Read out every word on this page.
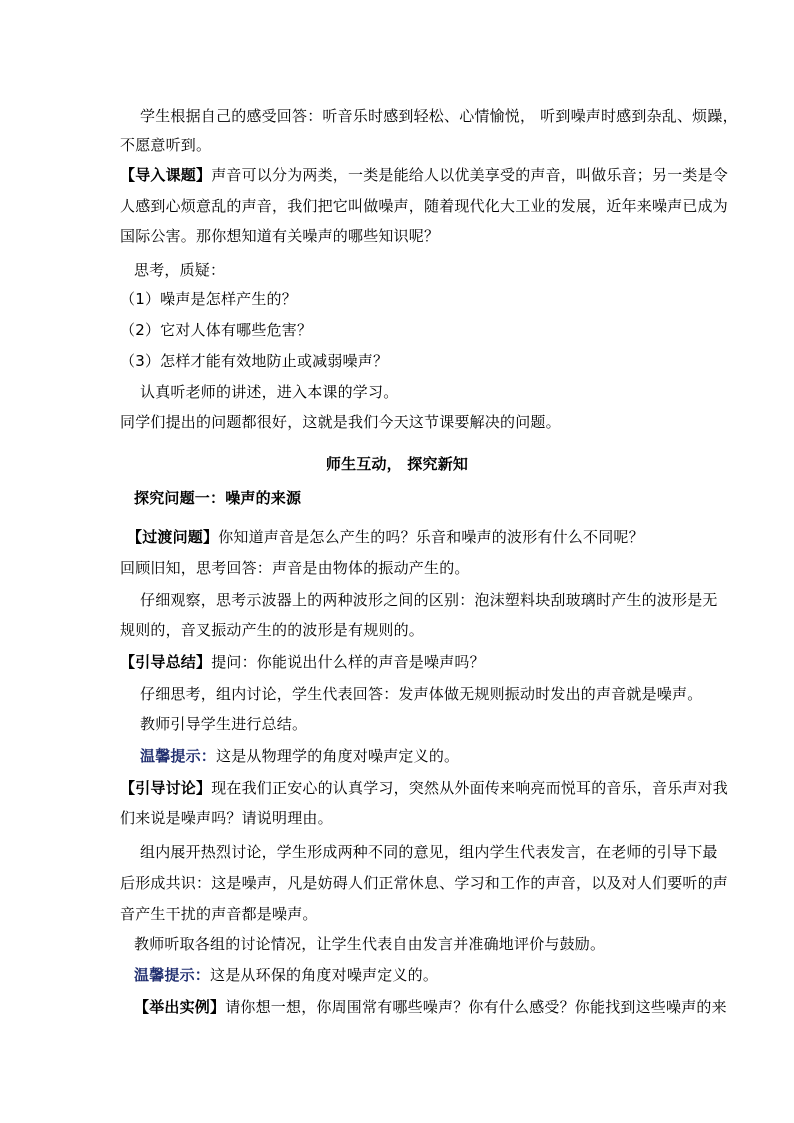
学生根据自己的感受回答：听音乐时感到轻松、心情愉悦， 听到噪声时感到杂乱、烦躁，
不愿意听到。
【导入课题】声音可以分为两类，一类是能给人以优美享受的声音，叫做乐音；另一类是令
人感到心烦意乱的声音，我们把它叫做噪声，随着现代化大工业的发展，近年来噪声已成为
国际公害。那你想知道有关噪声的哪些知识呢？
思考，质疑：
（1）噪声是怎样产生的？
（2）它对人体有哪些危害？
（3）怎样才能有效地防止或减弱噪声？
认真听老师的讲述，进入本课的学习。
同学们提出的问题都很好，这就是我们今天这节课要解决的问题。
师生互动， 探究新知
探究问题一：噪声的来源
【过渡问题】你知道声音是怎么产生的吗？乐音和噪声的波形有什么不同呢？
回顾旧知，思考回答：声音是由物体的振动产生的。
仔细观察，思考示波器上的两种波形之间的区别：泡沫塑料块刮玻璃时产生的波形是无
规则的，音叉振动产生的的波形是有规则的。
【引导总结】提问：你能说出什么样的声音是噪声吗？
仔细思考，组内讨论，学生代表回答：发声体做无规则振动时发出的声音就是噪声。
教师引导学生进行总结。
温馨提示：这是从物理学的角度对噪声定义的。
【引导讨论】现在我们正安心的认真学习，突然从外面传来响亮而悦耳的音乐，音乐声对我
们来说是噪声吗？请说明理由。
组内展开热烈讨论，学生形成两种不同的意见，组内学生代表发言，在老师的引导下最
后形成共识：这是噪声，凡是妨碍人们正常休息、学习和工作的声音，以及对人们要听的声
音产生干扰的声音都是噪声。
教师听取各组的讨论情况，让学生代表自由发言并准确地评价与鼓励。
温馨提示：这是从环保的角度对噪声定义的。
【举出实例】请你想一想，你周围常有哪些噪声？你有什么感受？你能找到这些噪声的来
